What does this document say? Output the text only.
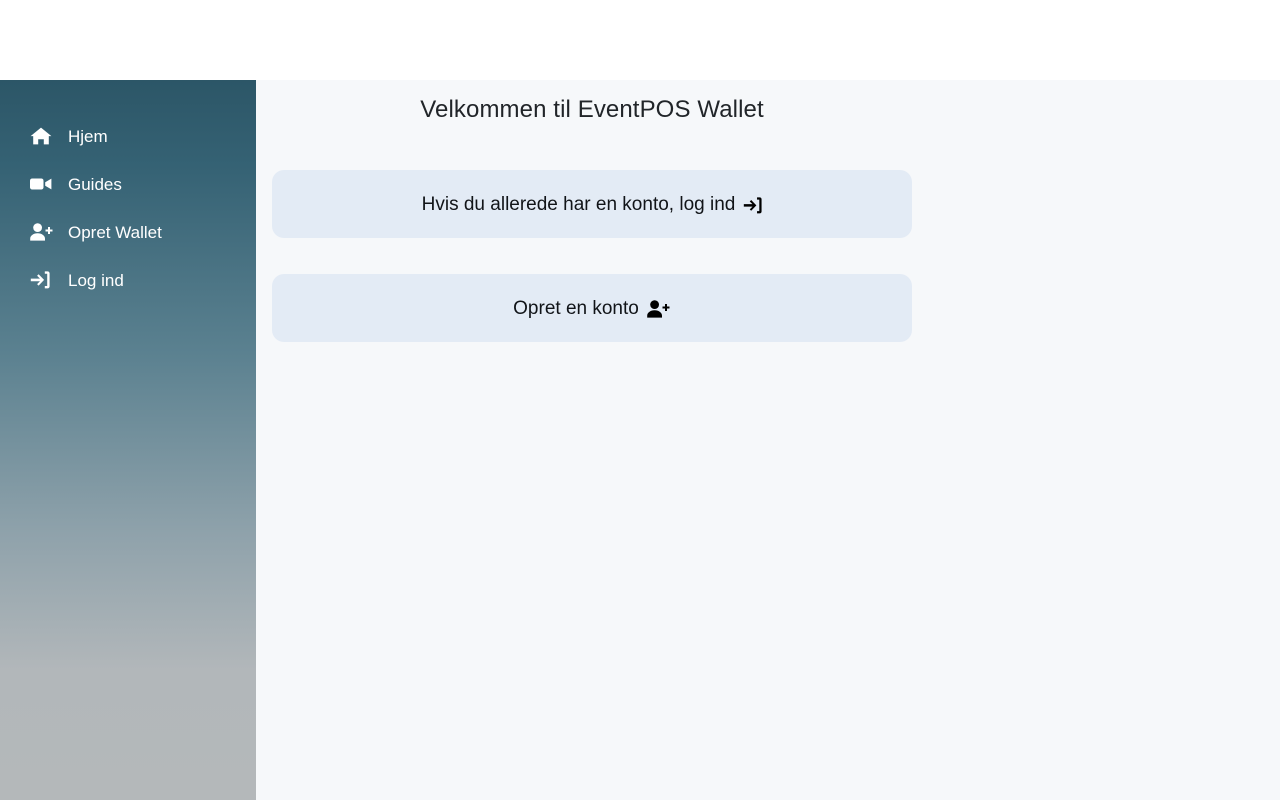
Hjem
Guides
Opret Wallet
Log ind
Velkommen til EventPOS Wallet
Hvis du allerede har en konto, log ind
Opret en konto
